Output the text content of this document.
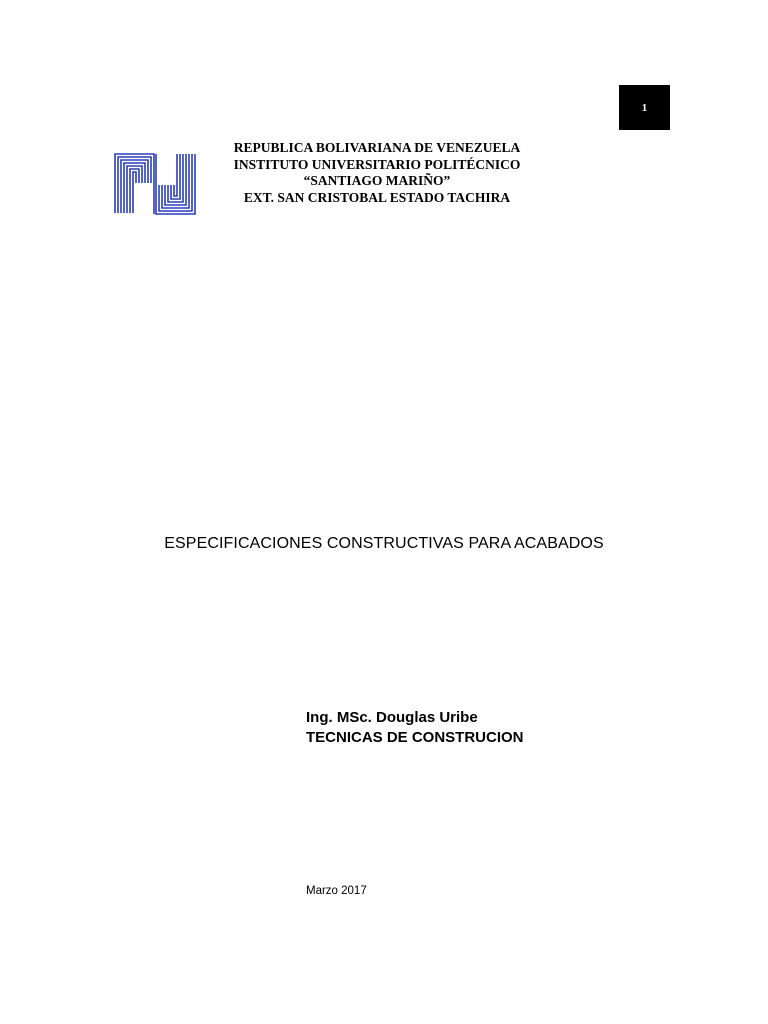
1
REPUBLICA BOLIVARIANA DE VENEZUELA
INSTITUTO UNIVERSITARIO POLITÉCNICO
“SANTIAGO MARIÑO”
EXT. SAN CRISTOBAL ESTADO TACHIRA
ESPECIFICACIONES CONSTRUCTIVAS PARA ACABADOS
Ing. MSc. Douglas Uribe
TECNICAS DE CONSTRUCION
Marzo 2017
